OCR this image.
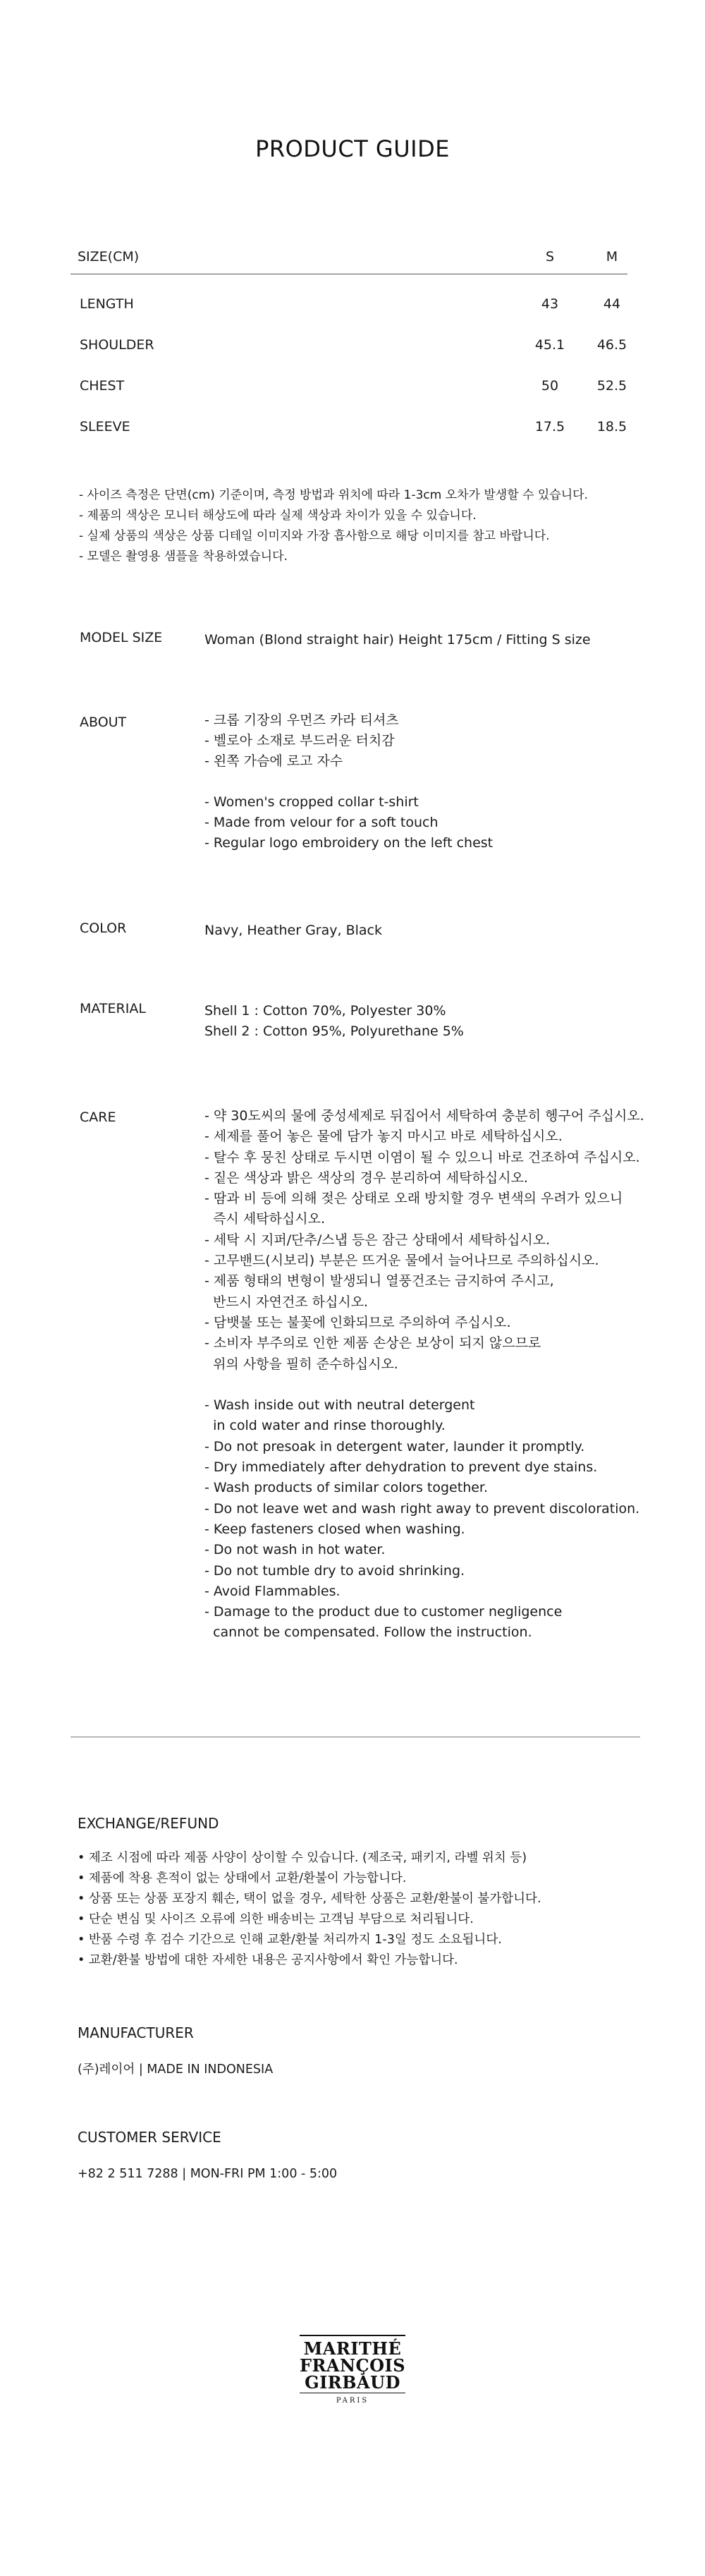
PRODUCT GUIDE
SIZE(CM)	S	M
LENGTH	43	44
SHOULDER	45.1	46.5
CHEST	50	52.5
SLEEVE	17.5	18.5
- 사이즈 측정은 단면(cm) 기준이며, 측정 방법과 위치에 따라 1-3cm 오차가 발생할 수 있습니다.
- 제품의 색상은 모니터 해상도에 따라 실제 색상과 차이가 있을 수 있습니다.
- 실제 상품의 색상은 상품 디테일 이미지와 가장 흡사함으로 해당 이미지를 참고 바랍니다.
- 모델은 촬영용 샘플을 착용하였습니다.
MODEL SIZE	Woman (Blond straight hair) Height 175cm / Fitting S size
ABOUT	- 크롭 기장의 우먼즈 카라 티셔츠
- 벨로아 소재로 부드러운 터치감
- 왼쪽 가슴에 로고 자수

- Women's cropped collar t-shirt
- Made from velour for a soft touch
- Regular logo embroidery on the left chest
COLOR	Navy, Heather Gray, Black
MATERIAL	Shell 1 : Cotton 70%, Polyester 30%
Shell 2 : Cotton 95%, Polyurethane 5%
CARE	- 약 30도씨의 물에 중성세제로 뒤집어서 세탁하여 충분히 헹구어 주십시오.
- 세제를 풀어 놓은 물에 담가 놓지 마시고 바로 세탁하십시오.
- 탈수 후 뭉친 상태로 두시면 이염이 될 수 있으니 바로 건조하여 주십시오.
- 짙은 색상과 밝은 색상의 경우 분리하여 세탁하십시오.
- 땀과 비 등에 의해 젖은 상태로 오래 방치할 경우 변색의 우려가 있으니
즉시 세탁하십시오.
- 세탁 시 지퍼/단추/스냅 등은 잠근 상태에서 세탁하십시오.
- 고무밴드(시보리) 부분은 뜨거운 물에서 늘어나므로 주의하십시오.
- 제품 형태의 변형이 발생되니 열풍건조는 금지하여 주시고,
반드시 자연건조 하십시오.
- 담뱃불 또는 불꽃에 인화되므로 주의하여 주십시오.
- 소비자 부주의로 인한 제품 손상은 보상이 되지 않으므로
위의 사항을 필히 준수하십시오.

- Wash inside out with neutral detergent
in cold water and rinse thoroughly.
- Do not presoak in detergent water, launder it promptly.
- Dry immediately after dehydration to prevent dye stains.
- Wash products of similar colors together.
- Do not leave wet and wash right away to prevent discoloration.
- Keep fasteners closed when washing.
- Do not wash in hot water.
- Do not tumble dry to avoid shrinking.
- Avoid Flammables.
- Damage to the product due to customer negligence
cannot be compensated. Follow the instruction.
EXCHANGE/REFUND
• 제조 시점에 따라 제품 사양이 상이할 수 있습니다. (제조국, 패키지, 라벨 위치 등)
• 제품에 착용 흔적이 없는 상태에서 교환/환불이 가능합니다.
• 상품 또는 상품 포장지 훼손, 택이 없을 경우, 세탁한 상품은 교환/환불이 불가합니다.
• 단순 변심 및 사이즈 오류에 의한 배송비는 고객님 부담으로 처리됩니다.
• 반품 수령 후 검수 기간으로 인해 교환/환불 처리까지 1-3일 정도 소요됩니다.
• 교환/환불 방법에 대한 자세한 내용은 공지사항에서 확인 가능합니다.
MANUFACTURER
(주)레이어 | MADE IN INDONESIA
CUSTOMER SERVICE
+82 2 511 7288 | MON-FRI PM 1:00 - 5:00
MARITHÉ
FRANÇOIS
GIRBAUD
PARIS
